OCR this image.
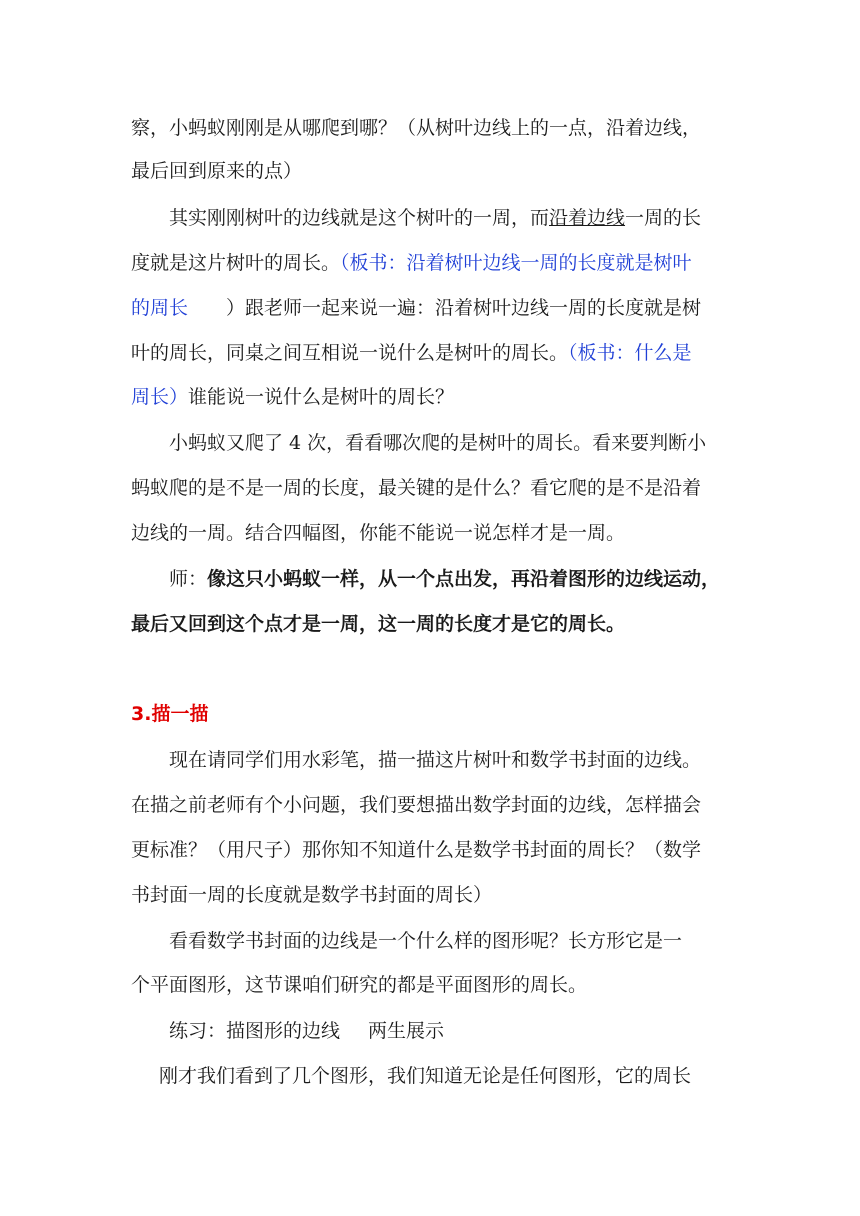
察，小蚂蚁刚刚是从哪爬到哪？（从树叶边线上的一点，沿着边线，
最后回到原来的点）
其实刚刚树叶的边线就是这个树叶的一周，而沿着边线一周的长
度就是这片树叶的周长。（板书：沿着树叶边线一周的长度就是树叶
的周长 ）跟老师一起来说一遍：沿着树叶边线一周的长度就是树
叶的周长，同桌之间互相说一说什么是树叶的周长。（板书：什么是
周长）谁能说一说什么是树叶的周长？
小蚂蚁又爬了 4 次，看看哪次爬的是树叶的周长。看来要判断小
蚂蚁爬的是不是一周的长度，最关键的是什么？看它爬的是不是沿着
边线的一周。结合四幅图，你能不能说一说怎样才是一周。
师：像这只小蚂蚁一样，从一个点出发，再沿着图形的边线运动，
最后又回到这个点才是一周，这一周的长度才是它的周长。
3.描一描
现在请同学们用水彩笔，描一描这片树叶和数学书封面的边线。
在描之前老师有个小问题，我们要想描出数学封面的边线，怎样描会
更标准？（用尺子）那你知不知道什么是数学书封面的周长？（数学
书封面一周的长度就是数学书封面的周长）
看看数学书封面的边线是一个什么样的图形呢？长方形它是一
个平面图形，这节课咱们研究的都是平面图形的周长。
练习：描图形的边线 两生展示
刚才我们看到了几个图形，我们知道无论是任何图形，它的周长
